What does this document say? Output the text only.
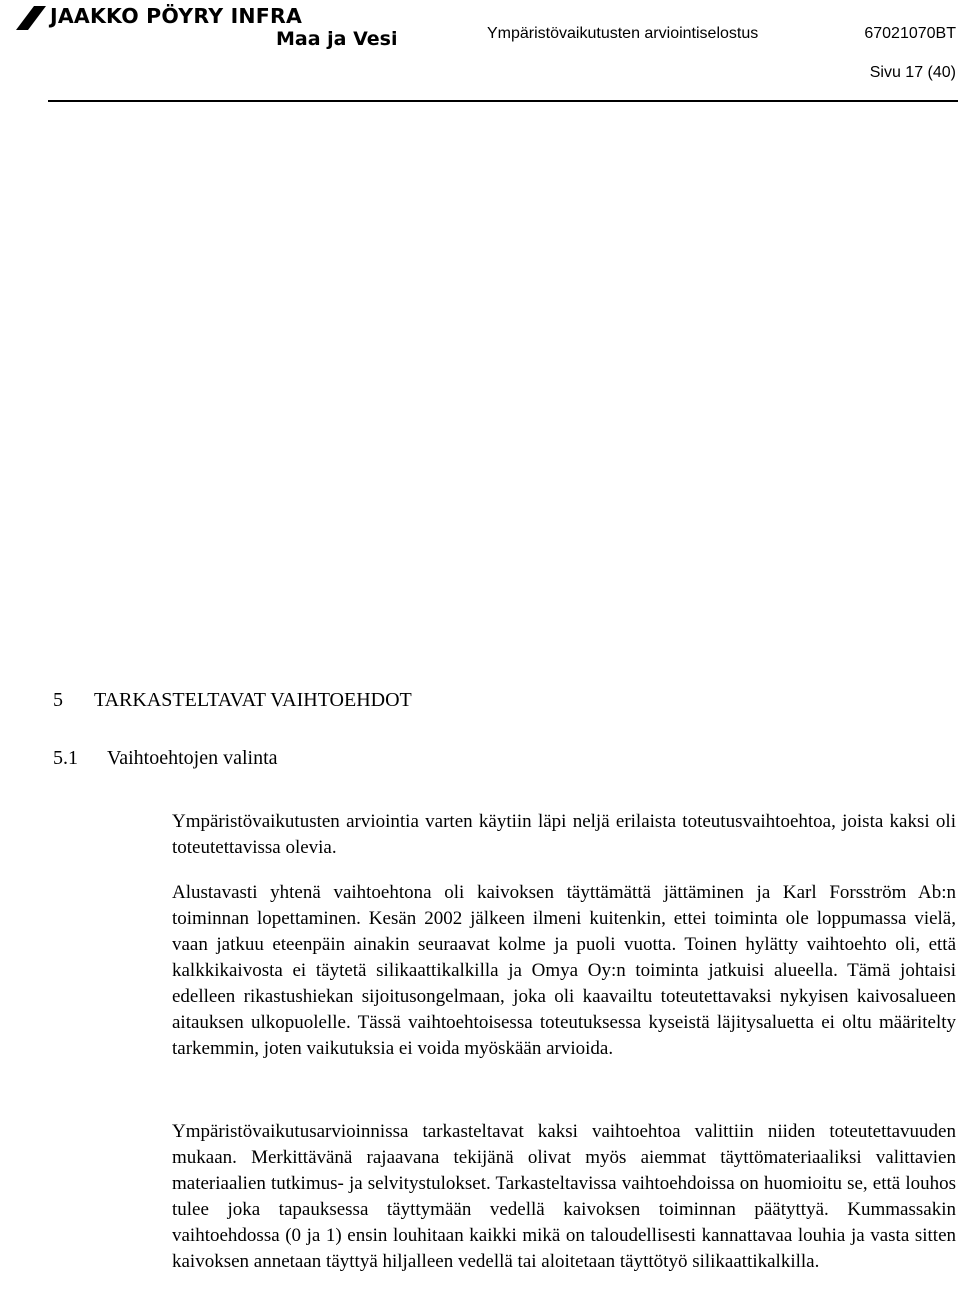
JAAKKO PÖYRY INFRA
Maa ja Vesi	Ympäristövaikutusten arviointiselostus	67021070BT
Sivu 17 (40)
5 TARKASTELTAVAT VAIHTOEHDOT
5.1 Vaihtoehtojen valinta

Ympäristövaikutusten arviointia varten käytiin läpi neljä erilaista toteutusvaihtoehtoa, joista kaksi oli toteutettavissa olevia.

Alustavasti yhtenä vaihtoehtona oli kaivoksen täyttämättä jättäminen ja Karl Forsström Ab:n toiminnan lopettaminen. Kesän 2002 jälkeen ilmeni kuitenkin, ettei toiminta ole loppumassa vielä, vaan jatkuu eteenpäin ainakin seuraavat kolme ja puoli vuotta. Toinen hylätty vaihtoehto oli, että kalkkikaivosta ei täytetä silikaattikalkilla ja Omya Oy:n toiminta jatkuisi alueella. Tämä johtaisi edelleen rikastushiekan sijoitusongelmaan, joka oli kaavailtu toteutettavaksi nykyisen kaivosalueen aitauksen ulkopuolelle. Tässä vaihtoehtoisessa toteutuksessa kyseistä läjitysaluetta ei oltu määritelty tarkemmin, joten vaikutuksia ei voida myöskään arvioida.

Ympäristövaikutusarvioinnissa tarkasteltavat kaksi vaihtoehtoa valittiin niiden toteutettavuuden mukaan. Merkittävänä rajaavana tekijänä olivat myös aiemmat täyttömateriaaliksi valittavien materiaalien tutkimus- ja selvitystulokset. Tarkasteltavissa vaihtoehdoissa on huomioitu se, että louhos tulee joka tapauksessa täyttymään vedellä kaivoksen toiminnan päätyttyä. Kummassakin vaihtoehdossa (0 ja 1) ensin louhitaan kaikki mikä on taloudellisesti kannattavaa louhia ja vasta sitten kaivoksen annetaan täyttyä hiljalleen vedellä tai aloitetaan täyttötyö silikaattikalkilla.
